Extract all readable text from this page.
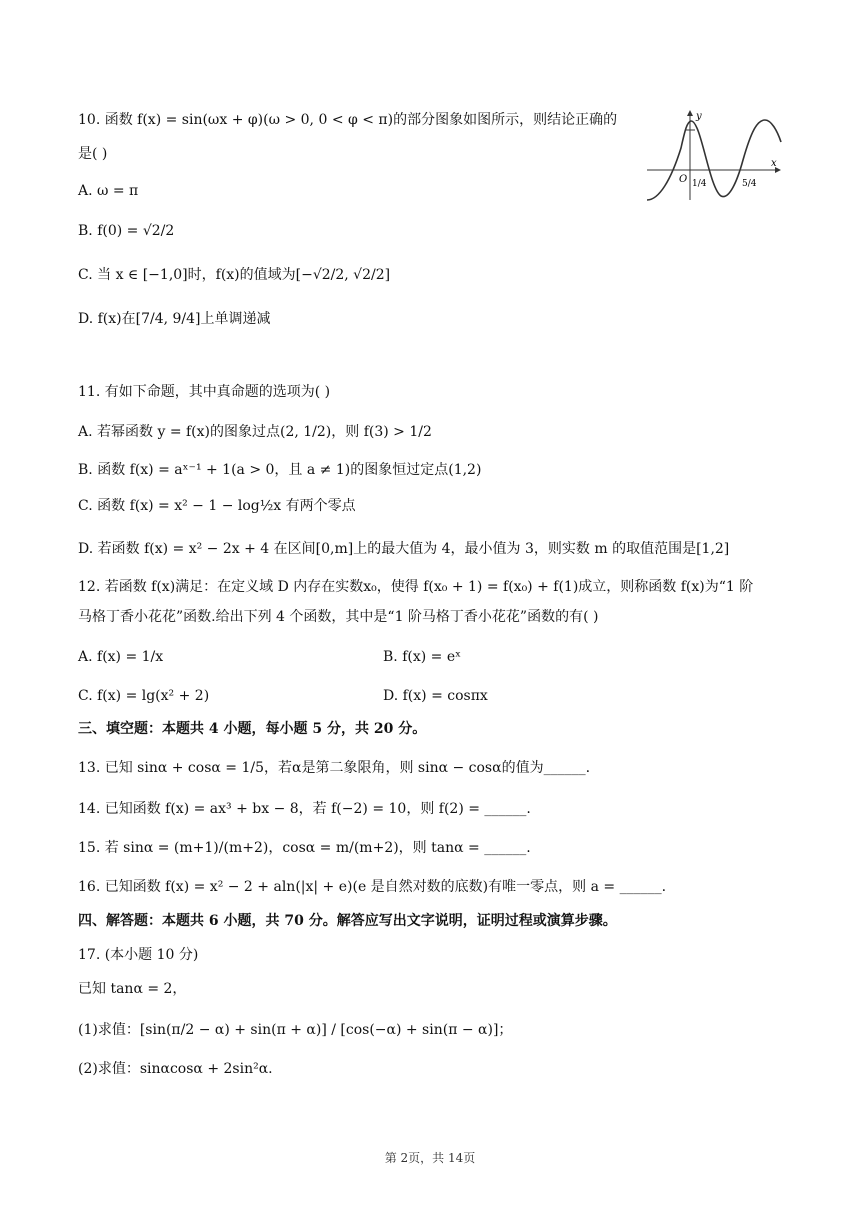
10. 函数 f(x) = sin(ωx + φ)(ω > 0, 0 < φ < π)的部分图象如图所示，则结论正确的
是( )
A. ω = π
B. f(0) = √2/2
C. 当 x ∈ [−1,0]时，f(x)的值域为[−√2/2, √2/2]
D. f(x)在[7/4, 9/4]上单调递减
y
x
O 1/4	5/4
11. 有如下命题，其中真命题的选项为( )
A. 若幂函数 y = f(x)的图象过点(2, 1/2)，则 f(3) > 1/2
B. 函数 f(x) = aˣ⁻¹ + 1(a > 0，且 a ≠ 1)的图象恒过定点(1,2)
C. 函数 f(x) = x² − 1 − log½x 有两个零点
D. 若函数 f(x) = x² − 2x + 4 在区间[0,m]上的最大值为 4，最小值为 3，则实数 m 的取值范围是[1,2]
12. 若函数 f(x)满足：在定义域 D 内存在实数x₀，使得 f(x₀ + 1) = f(x₀) + f(1)成立，则称函数 f(x)为“1 阶
马格丁香小花花”函数.给出下列 4 个函数，其中是“1 阶马格丁香小花花”函数的有( )
A. f(x) = 1/x	B. f(x) = eˣ
C. f(x) = lg(x² + 2)	D. f(x) = cosπx
三、填空题：本题共 4 小题，每小题 5 分，共 20 分。
13. 已知 sinα + cosα = 1/5，若α是第二象限角，则 sinα − cosα的值为______.
14. 已知函数 f(x) = ax³ + bx − 8，若 f(−2) = 10，则 f(2) = ______.
15. 若 sinα = (m+1)/(m+2)，cosα = m/(m+2)，则 tanα = ______.
16. 已知函数 f(x) = x² − 2 + aln(|x| + e)(e 是自然对数的底数)有唯一零点，则 a = ______.
四、解答题：本题共 6 小题，共 70 分。解答应写出文字说明，证明过程或演算步骤。
17. (本小题 10 分)
已知 tanα = 2，
(1)求值：[sin(π/2 − α) + sin(π + α)] / [cos(−α) + sin(π − α)]；
(2)求值：sinαcosα + 2sin²α.
第 2页，共 14页
